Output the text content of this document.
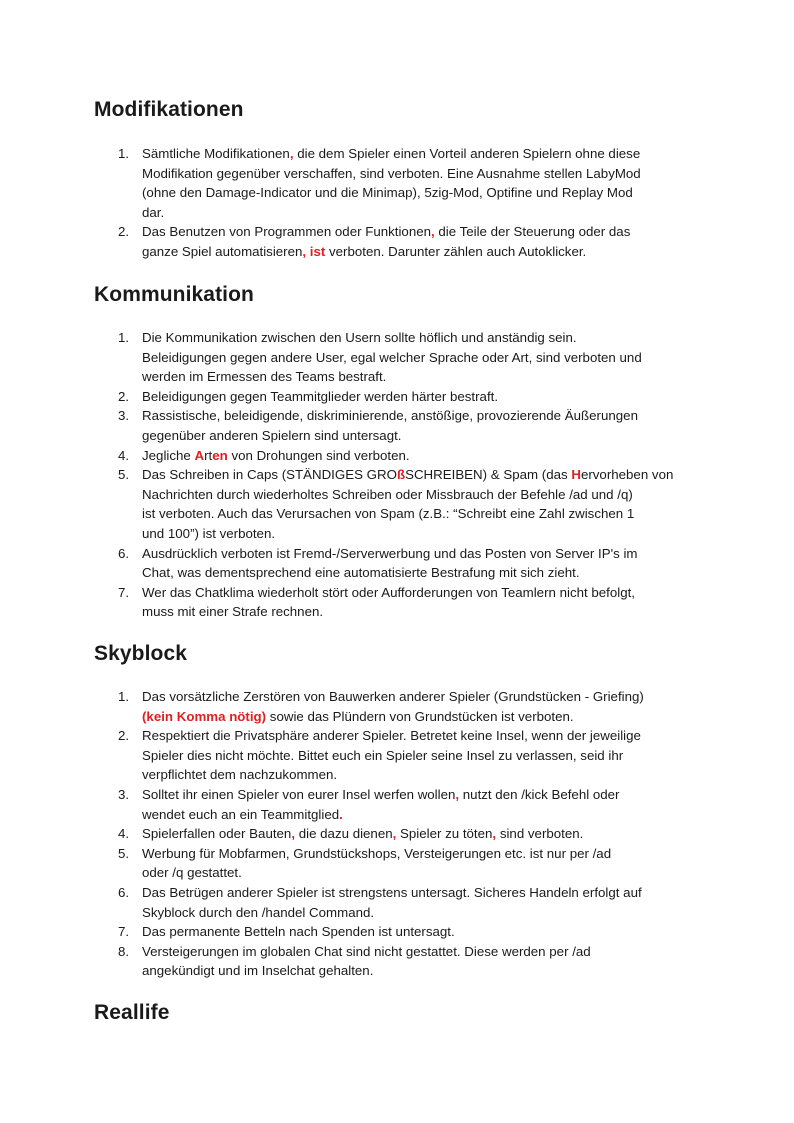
Modifikationen
1. Sämtliche Modifikationen, die dem Spieler einen Vorteil anderen Spielern ohne diese
Modifikation gegenüber verschaffen, sind verboten. Eine Ausnahme stellen LabyMod
(ohne den Damage-Indicator und die Minimap), 5zig-Mod, Optifine und Replay Mod
dar.
2. Das Benutzen von Programmen oder Funktionen, die Teile der Steuerung oder das
ganze Spiel automatisieren, ist verboten. Darunter zählen auch Autoklicker.
Kommunikation
1. Die Kommunikation zwischen den Usern sollte höflich und anständig sein.
Beleidigungen gegen andere User, egal welcher Sprache oder Art, sind verboten und
werden im Ermessen des Teams bestraft.
2. Beleidigungen gegen Teammitglieder werden härter bestraft.
3. Rassistische, beleidigende, diskriminierende, anstößige, provozierende Äußerungen
gegenüber anderen Spielern sind untersagt.
4. Jegliche Arten von Drohungen sind verboten.
5. Das Schreiben in Caps (STÄNDIGES GROßSCHREIBEN) & Spam (das Hervorheben von
Nachrichten durch wiederholtes Schreiben oder Missbrauch der Befehle /ad und /q)
ist verboten. Auch das Verursachen von Spam (z.B.: “Schreibt eine Zahl zwischen 1
und 100”) ist verboten.
6. Ausdrücklich verboten ist Fremd-/Serverwerbung und das Posten von Server IP's im
Chat, was dementsprechend eine automatisierte Bestrafung mit sich zieht.
7. Wer das Chatklima wiederholt stört oder Aufforderungen von Teamlern nicht befolgt,
muss mit einer Strafe rechnen.
Skyblock
1. Das vorsätzliche Zerstören von Bauwerken anderer Spieler (Grundstücken - Griefing)
(kein Komma nötig) sowie das Plündern von Grundstücken ist verboten.
2. Respektiert die Privatsphäre anderer Spieler. Betretet keine Insel, wenn der jeweilige
Spieler dies nicht möchte. Bittet euch ein Spieler seine Insel zu verlassen, seid ihr
verpflichtet dem nachzukommen.
3. Solltet ihr einen Spieler von eurer Insel werfen wollen, nutzt den /kick Befehl oder
wendet euch an ein Teammitglied.
4. Spielerfallen oder Bauten, die dazu dienen, Spieler zu töten, sind verboten.
5. Werbung für Mobfarmen, Grundstückshops, Versteigerungen etc. ist nur per /ad
oder /q gestattet.
6. Das Betrügen anderer Spieler ist strengstens untersagt. Sicheres Handeln erfolgt auf
Skyblock durch den /handel Command.
7. Das permanente Betteln nach Spenden ist untersagt.
8. Versteigerungen im globalen Chat sind nicht gestattet. Diese werden per /ad
angekündigt und im Inselchat gehalten.
Reallife
